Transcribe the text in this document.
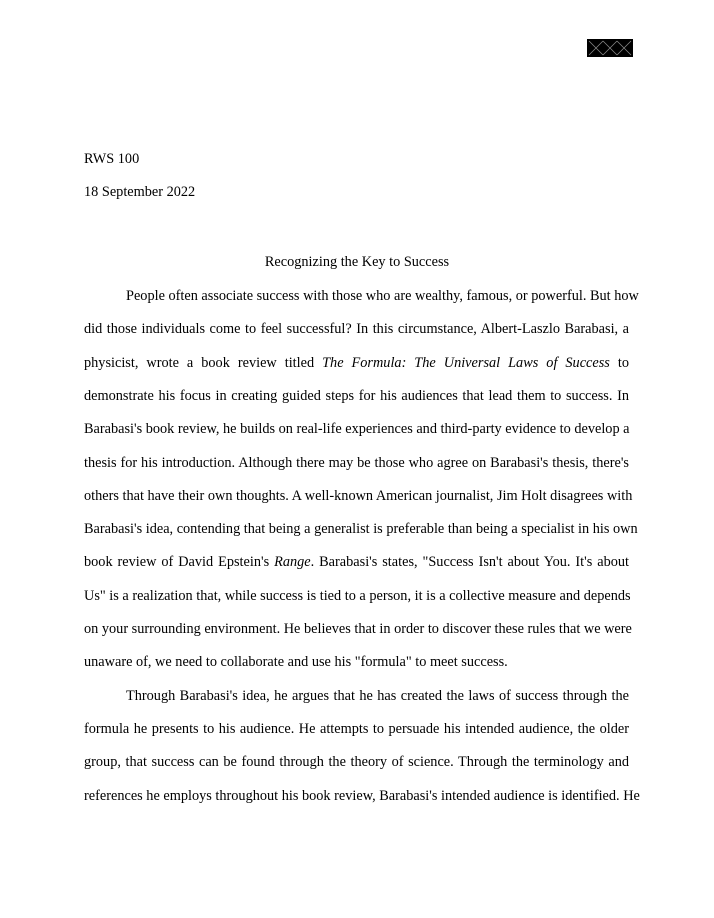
RWS 100
18 September 2022
Recognizing the Key to Success
People often associate success with those who are wealthy, famous, or powerful. But how
did those individuals come to feel successful? In this circumstance, Albert-Laszlo Barabasi, a
physicist, wrote a book review titled The Formula: The Universal Laws of Success to
demonstrate his focus in creating guided steps for his audiences that lead them to success. In
Barabasi's book review, he builds on real-life experiences and third-party evidence to develop a
thesis for his introduction. Although there may be those who agree on Barabasi's thesis, there's
others that have their own thoughts. A well-known American journalist, Jim Holt disagrees with
Barabasi's idea, contending that being a generalist is preferable than being a specialist in his own
book review of David Epstein's Range. Barabasi's states, "Success Isn't about You. It's about
Us" is a realization that, while success is tied to a person, it is a collective measure and depends
on your surrounding environment. He believes that in order to discover these rules that we were
unaware of, we need to collaborate and use his "formula" to meet success.
Through Barabasi's idea, he argues that he has created the laws of success through the
formula he presents to his audience. He attempts to persuade his intended audience, the older
group, that success can be found through the theory of science. Through the terminology and
references he employs throughout his book review, Barabasi's intended audience is identified. He
